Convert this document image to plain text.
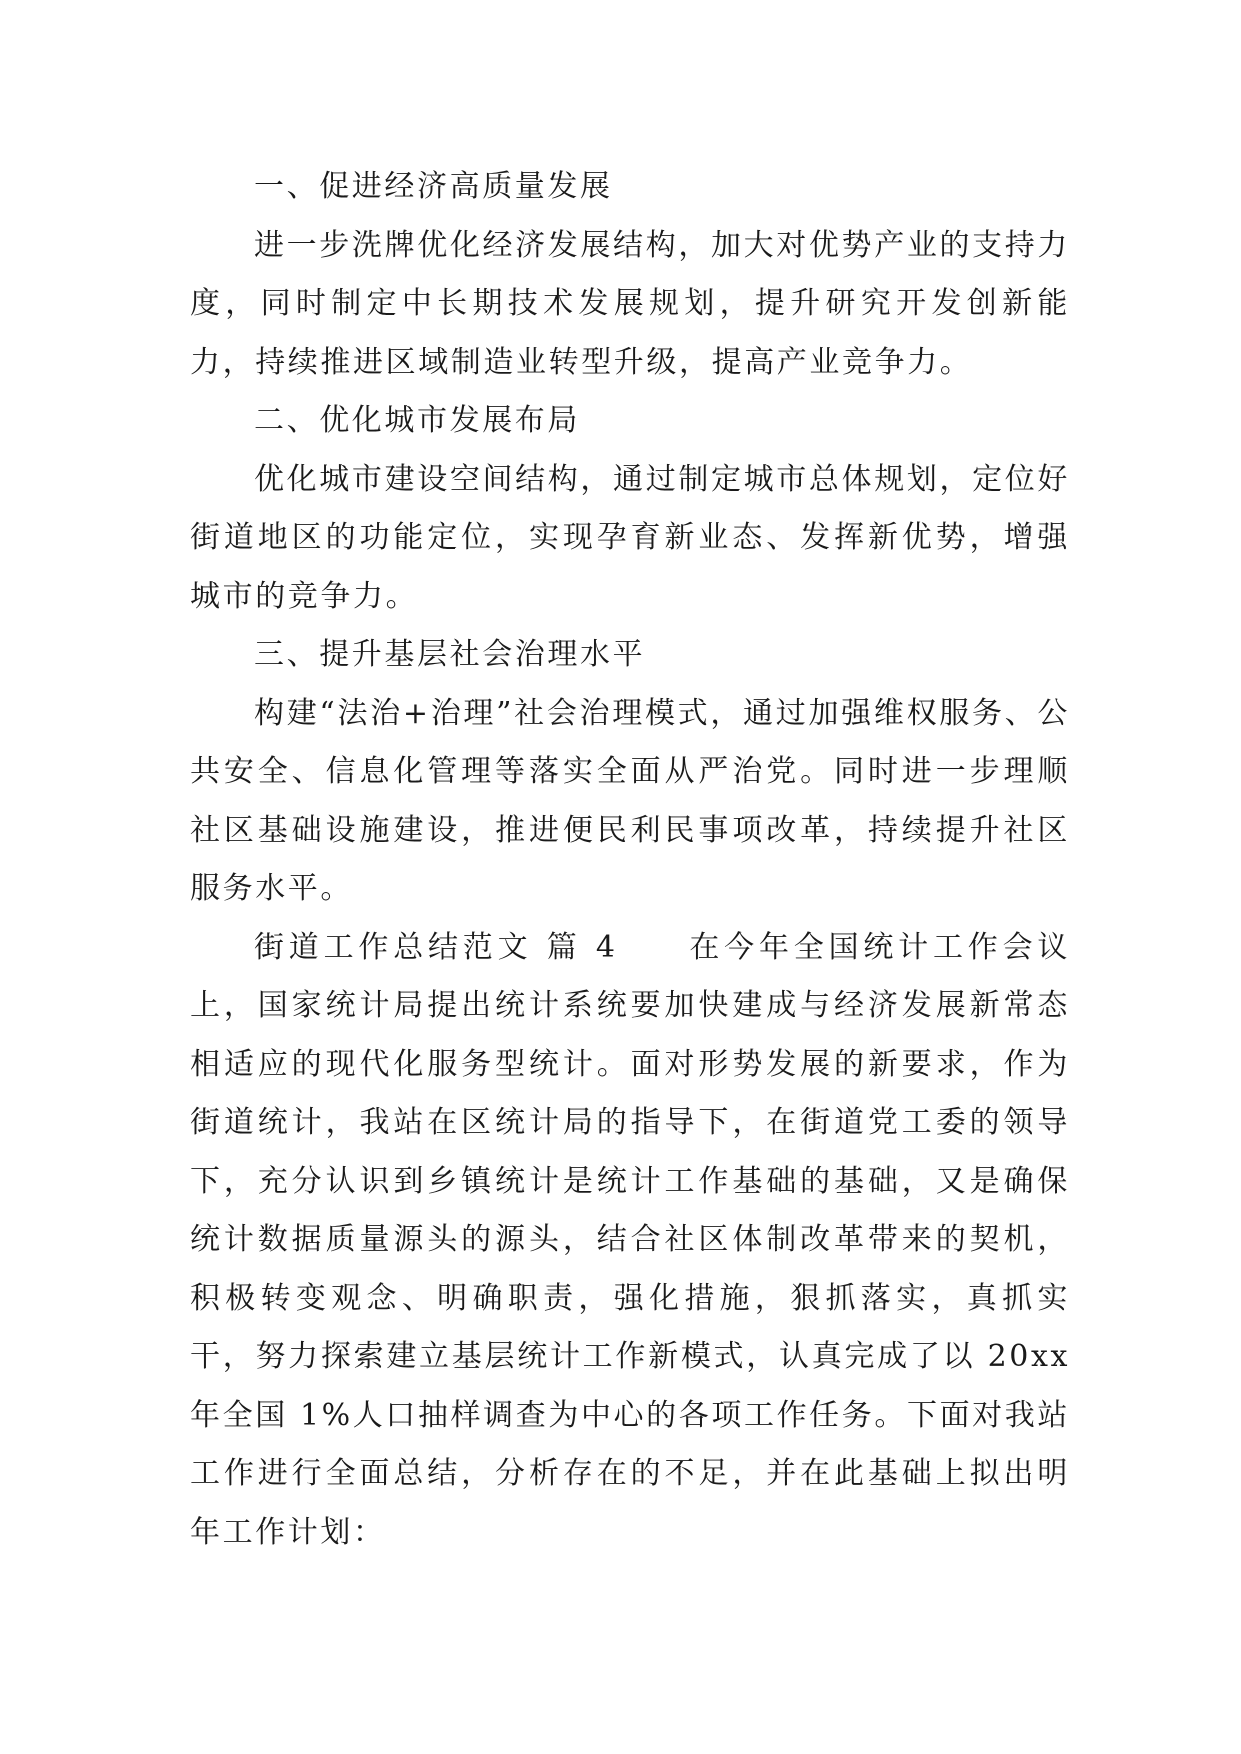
一、促进经济高质量发展

进一步洗牌优化经济发展结构，加大对优势产业的支持力度，同时制定中长期技术发展规划，提升研究开发创新能力，持续推进区域制造业转型升级，提高产业竞争力。

二、优化城市发展布局

优化城市建设空间结构，通过制定城市总体规划，定位好街道地区的功能定位，实现孕育新业态、发挥新优势，增强城市的竞争力。

三、提升基层社会治理水平

构建“法治+治理”社会治理模式，通过加强维权服务、公共安全、信息化管理等落实全面从严治党。同时进一步理顺社区基础设施建设，推进便民利民事项改革，持续提升社区服务水平。

街道工作总结范文 篇 4　　在今年全国统计工作会议上，国家统计局提出统计系统要加快建成与经济发展新常态相适应的现代化服务型统计。面对形势发展的新要求，作为街道统计，我站在区统计局的指导下，在街道党工委的领导下，充分认识到乡镇统计是统计工作基础的基础，又是确保统计数据质量源头的源头，结合社区体制改革带来的契机，积极转变观念、明确职责，强化措施，狠抓落实，真抓实干，努力探索建立基层统计工作新模式，认真完成了以 20xx 年全国 1%人口抽样调查为中心的各项工作任务。下面对我站工作进行全面总结，分析存在的不足，并在此基础上拟出明年工作计划：
